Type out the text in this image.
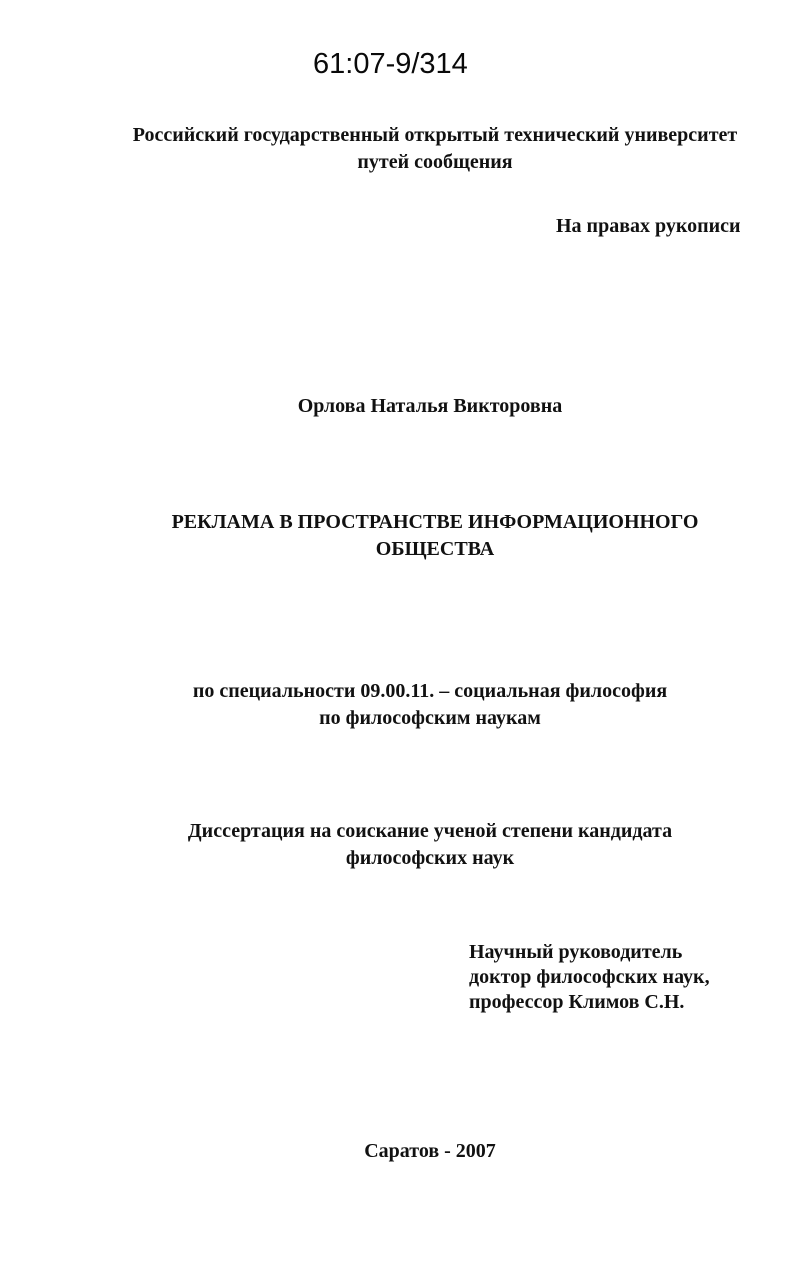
61:07-9/314
Российский государственный открытый технический университет
путей сообщения
На правах рукописи
Орлова Наталья Викторовна
РЕКЛАМА В ПРОСТРАНСТВЕ ИНФОРМАЦИОННОГО
ОБЩЕСТВА
по специальности 09.00.11. – социальная философия
по философским наукам
Диссертация на соискание ученой степени кандидата
философских наук
Научный руководитель
доктор философских наук,
профессор Климов С.Н.
Саратов - 2007
